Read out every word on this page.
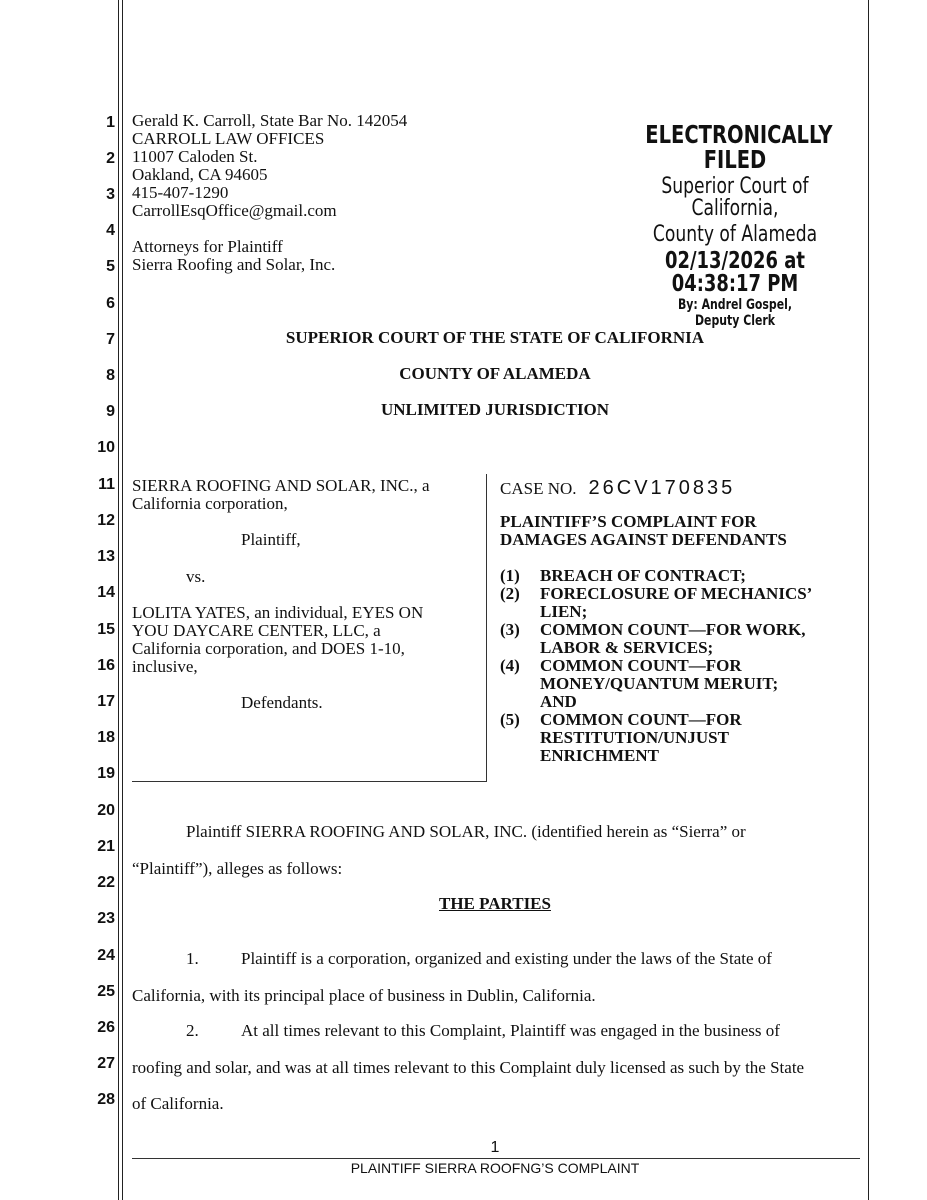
1
2
3
4
5
6
7
8
9
10
11
12
13
14
15
16
17
18
19
20
21
22
23
24
25
26
27
28
Gerald K. Carroll, State Bar No. 142054
CARROLL LAW OFFICES
11007 Caloden St.
Oakland, CA 94605
415-407-1290
CarrollEsqOffice@gmail.com
Attorneys for Plaintiff
Sierra Roofing and Solar, Inc.
ELECTRONICALLY FILED
Superior Court of California,
County of Alameda
02/13/2026 at 04:38:17 PM
By: Andrel Gospel,
Deputy Clerk
SUPERIOR COURT OF THE STATE OF CALIFORNIA
COUNTY OF ALAMEDA
UNLIMITED JURISDICTION
SIERRA ROOFING AND SOLAR, INC., a
California corporation,
Plaintiff,
vs.
LOLITA YATES, an individual, EYES ON
YOU DAYCARE CENTER, LLC, a
California corporation, and DOES 1-10,
inclusive,
Defendants.
CASE NO. 26CV170835
PLAINTIFF’S COMPLAINT FOR
DAMAGES AGAINST DEFENDANTS
(1)	BREACH OF CONTRACT;
(2)	FORECLOSURE OF MECHANICS’
LIEN;
(3)	COMMON COUNT—FOR WORK,
LABOR & SERVICES;
(4)	COMMON COUNT—FOR
MONEY/QUANTUM MERUIT;
AND
(5)	COMMON COUNT—FOR
RESTITUTION/UNJUST
ENRICHMENT
Plaintiff SIERRA ROOFING AND SOLAR, INC. (identified herein as “Sierra” or
“Plaintiff”), alleges as follows:
THE PARTIES
1. Plaintiff is a corporation, organized and existing under the laws of the State of
California, with its principal place of business in Dublin, California.
2. At all times relevant to this Complaint, Plaintiff was engaged in the business of
roofing and solar, and was at all times relevant to this Complaint duly licensed as such by the State
of California.
1
PLAINTIFF SIERRA ROOFNG’S COMPLAINT
